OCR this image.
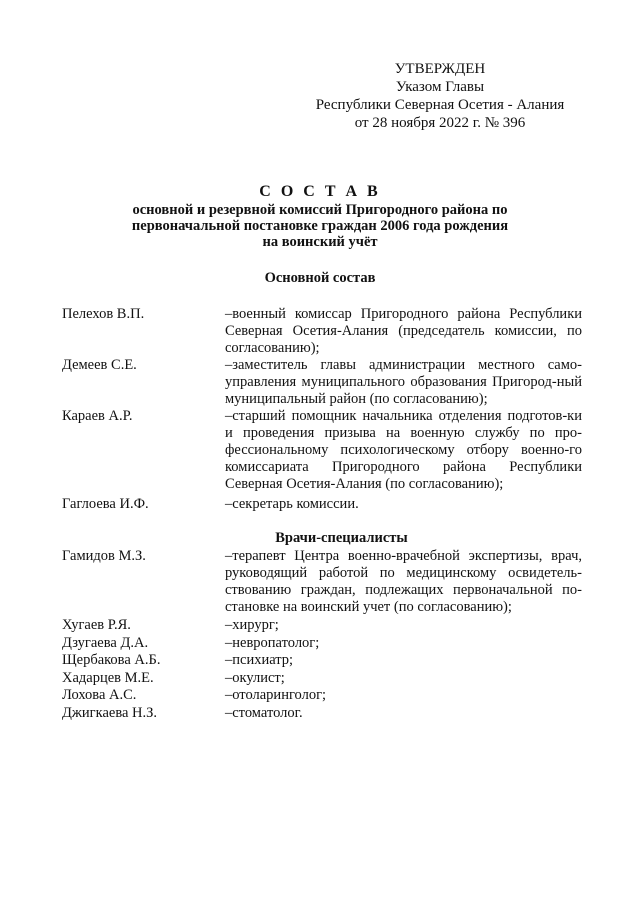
УТВЕРЖДЕН
Указом Главы
Республики Северная Осетия - Алания
от 28 ноября 2022 г. № 396
С О С Т А В
основной и резервной комиссий Пригородного района по
первоначальной постановке граждан 2006 года рождения
на воинский учёт
Основной состав
Пелехов В.П.	–военный комиссар Пригородного района Республики Северная Осетия-Алания (председатель комиссии, по согласованию);
Демеев С.Е.	–заместитель главы администрации местного само-управления муниципального образования Пригород-ный муниципальный район (по согласованию);
Караев А.Р.	–старший помощник начальника отделения подготов-ки и проведения призыва на военную службу по про-фессиональному психологическому отбору военно-го комиссариата Пригородного района Республики Северная Осетия-Алания (по согласованию);
Гаглоева И.Ф.	–секретарь комиссии.
Врачи-специалисты
Гамидов М.З.	–терапевт Центра военно-врачебной экспертизы, врач, руководящий работой по медицинскому освидетель-ствованию граждан, подлежащих первоначальной по-становке на воинский учет (по согласованию);
Хугаев Р.Я.	–хирург;
Дзугаева Д.А.	–невропатолог;
Щербакова А.Б.	–психиатр;
Хадарцев М.Е.	–окулист;
Лохова А.С.	–отоларинголог;
Джигкаева Н.З.	–стоматолог.
